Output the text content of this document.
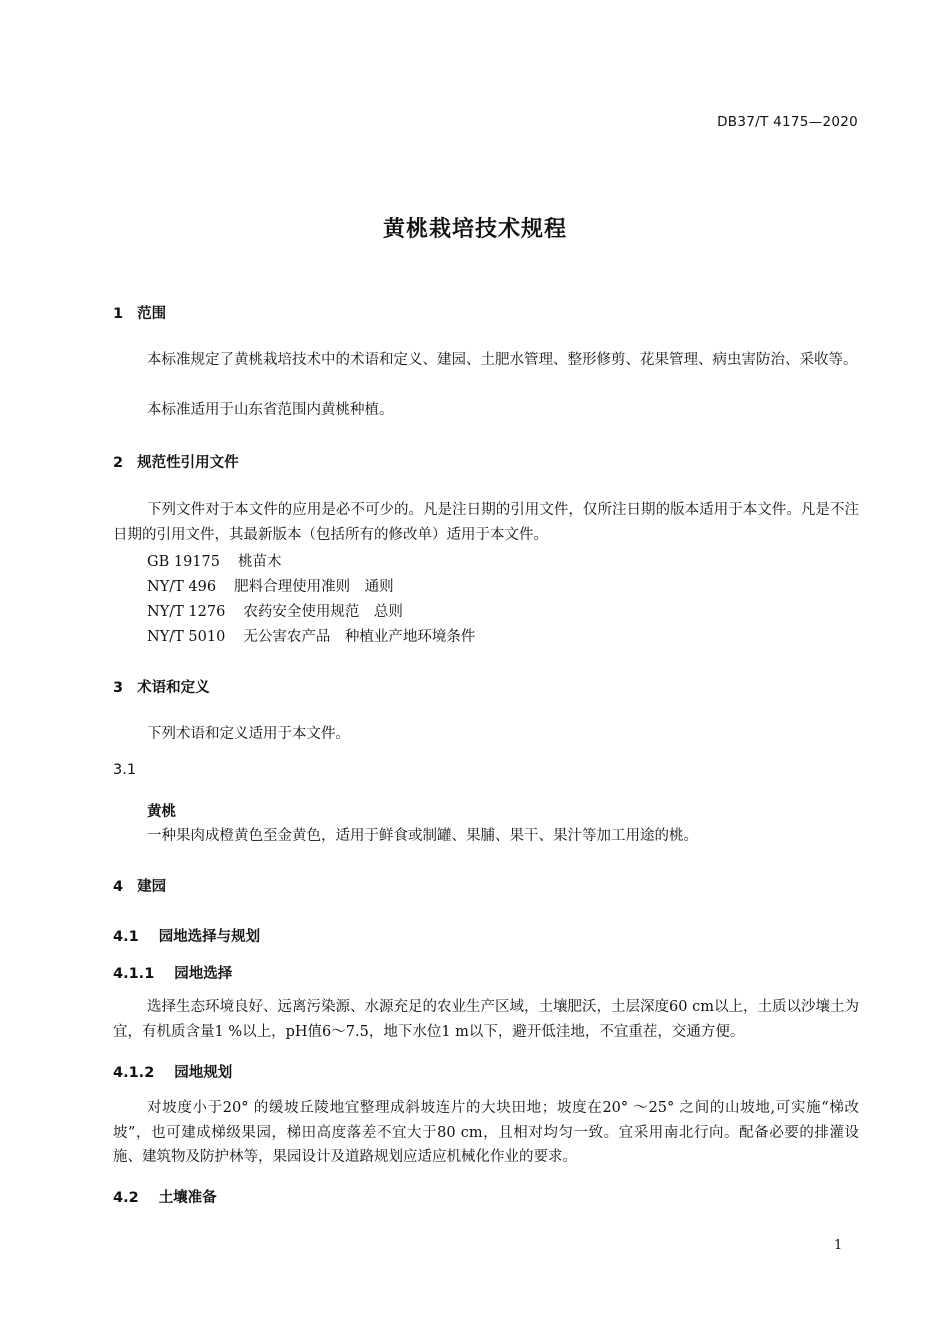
DB37/T 4175—2020
黄桃栽培技术规程
1 范围
本标准规定了黄桃栽培技术中的术语和定义、建园、土肥水管理、整形修剪、花果管理、病虫害防治、采收等。
本标准适用于山东省范围内黄桃种植。
2 规范性引用文件
下列文件对于本文件的应用是必不可少的。凡是注日期的引用文件，仅所注日期的版本适用于本文件。凡是不注日期的引用文件，其最新版本（包括所有的修改单）适用于本文件。
GB 19175 桃苗木
NY/T 496 肥料合理使用准则　通则
NY/T 1276 农药安全使用规范　总则
NY/T 5010 无公害农产品　种植业产地环境条件
3 术语和定义
下列术语和定义适用于本文件。
3.1
黄桃
一种果肉成橙黄色至金黄色，适用于鲜食或制罐、果脯、果干、果汁等加工用途的桃。
4 建园
4.1 园地选择与规划
4.1.1 园地选择
选择生态环境良好、远离污染源、水源充足的农业生产区域，土壤肥沃，土层深度60 cm以上，土质以沙壤土为宜，有机质含量1 %以上，pH值6～7.5，地下水位1 m以下，避开低洼地，不宜重茬，交通方便。
4.1.2 园地规划
对坡度小于20° 的缓坡丘陵地宜整理成斜坡连片的大块田地；坡度在20° ～25° 之间的山坡地,可实施“梯改坡”，也可建成梯级果园，梯田高度落差不宜大于80 cm，且相对均匀一致。宜采用南北行向。配备必要的排灌设施、建筑物及防护林等，果园设计及道路规划应适应机械化作业的要求。
4.2 土壤准备
1
